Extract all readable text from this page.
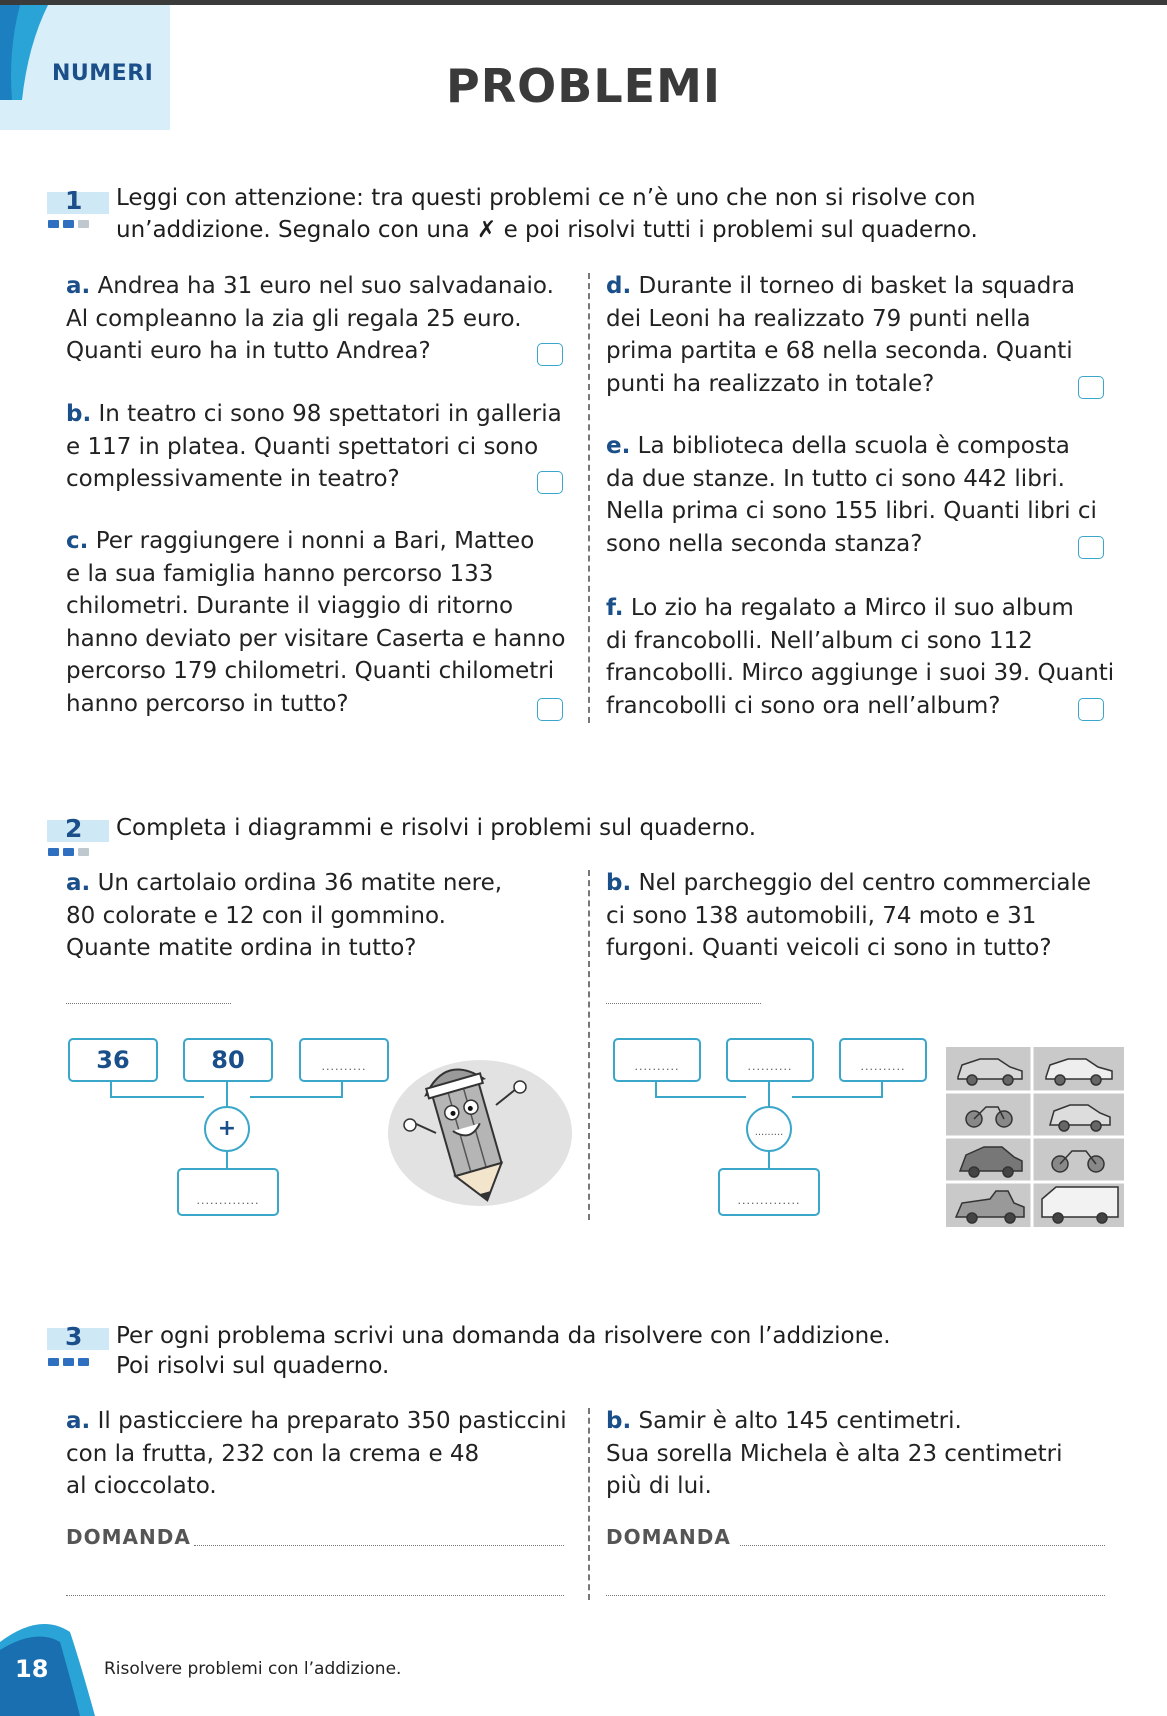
NUMERI	PROBLEMI
1 Leggi con attenzione: tra questi problemi ce n’è uno che non si risolve con
un’addizione. Segnalo con una ✗ e poi risolvi tutti i problemi sul quaderno.
a. Andrea ha 31 euro nel suo salvadanaio.
Al compleanno la zia gli regala 25 euro.
Quanti euro ha in tutto Andrea?
b. In teatro ci sono 98 spettatori in galleria
e 117 in platea. Quanti spettatori ci sono
complessivamente in teatro?
c. Per raggiungere i nonni a Bari, Matteo
e la sua famiglia hanno percorso 133
chilometri. Durante il viaggio di ritorno
hanno deviato per visitare Caserta e hanno
percorso 179 chilometri. Quanti chilometri
hanno percorso in tutto?
d. Durante il torneo di basket la squadra
dei Leoni ha realizzato 79 punti nella
prima partita e 68 nella seconda. Quanti
punti ha realizzato in totale?
e. La biblioteca della scuola è composta
da due stanze. In tutto ci sono 442 libri.
Nella prima ci sono 155 libri. Quanti libri ci
sono nella seconda stanza?
f. Lo zio ha regalato a Mirco il suo album
di francobolli. Nell’album ci sono 112
francobolli. Mirco aggiunge i suoi 39. Quanti
francobolli ci sono ora nell’album?
2 Completa i diagrammi e risolvi i problemi sul quaderno.
a. Un cartolaio ordina 36 matite nere,
80 colorate e 12 con il gommino.
Quante matite ordina in tutto?
b. Nel parcheggio del centro commerciale
ci sono 138 automobili, 74 moto e 31
furgoni. Quanti veicoli ci sono in tutto?
36	80	..........
+
..............
..........	..........	..........
.........
..............
3 Per ogni problema scrivi una domanda da risolvere con l’addizione.
Poi risolvi sul quaderno.
a. Il pasticciere ha preparato 350 pasticcini
con la frutta, 232 con la crema e 48
al cioccolato.
DOMANDA
b. Samir è alto 145 centimetri.
Sua sorella Michela è alta 23 centimetri
più di lui.
DOMANDA
18	Risolvere problemi con l’addizione.
